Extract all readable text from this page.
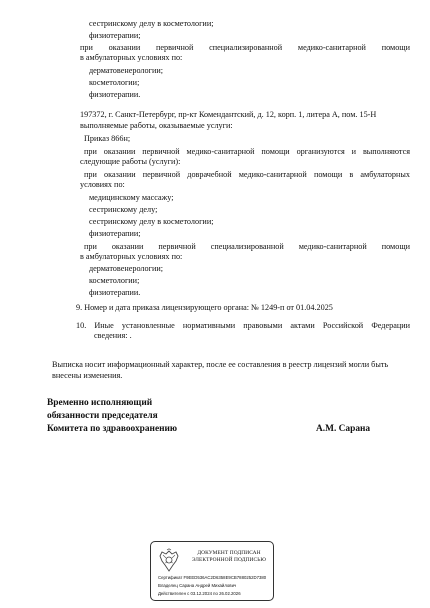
сестринскому делу в косметологии;
физиотерапии;
при оказании первичной специализированной медико-санитарной помощи
в амбулаторных условиях по:
дерматовенерологии;
косметологии;
физиотерапии.
197372, г. Санкт-Петербург, пр-кт Комендантский, д. 12, корп. 1, литера А, пом. 15-Н
выполняемые работы, оказываемые услуги:
Приказ 866н;
при оказании первичной медико-санитарной помощи организуются и выполняются
следующие работы (услуги):
при оказании первичной доврачебной медико-санитарной помощи в амбулаторных
условиях по:
медицинскому массажу;
сестринскому делу;
сестринскому делу в косметологии;
физиотерапии;
при оказании первичной специализированной медико-санитарной помощи
в амбулаторных условиях по:
дерматовенерологии;
косметологии;
физиотерапии.
9. Номер и дата приказа лицензирующего органа: № 1249-п от 01.04.2025
10. Иные установленные нормативными правовыми актами Российской Федерации
сведения: .
Выписка носит информационный характер, после ее составления в реестр лицензий могли быть
внесены изменения.
Временно исполняющий
обязанности председателя
Комитета по здравоохранению	А.М. Сарана
ДОКУМЕНТ ПОДПИСАН
ЭЛЕКТРОННОЙ ПОДПИСЬЮ
Сертификат F9EED536AC2D6358E9CB7880252D7380
Владелец Сарана Андрей Михайлович
Действителен с 03.12.2024 по 26.02.2026
